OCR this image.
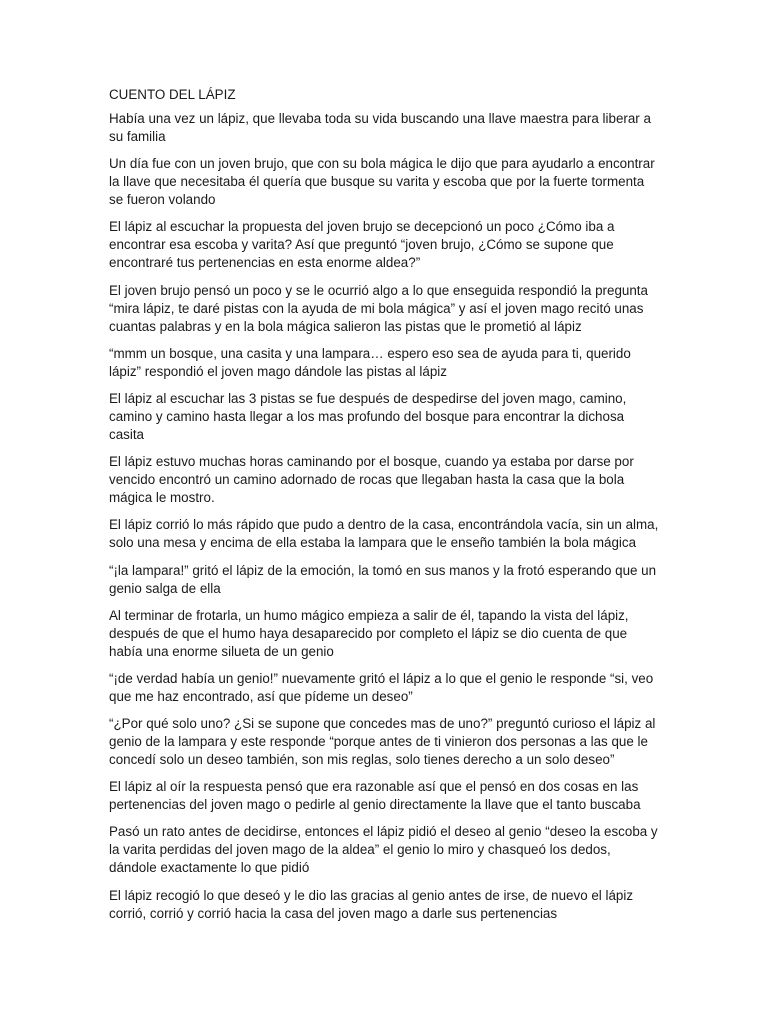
CUENTO DEL LÁPIZ

Había una vez un lápiz, que llevaba toda su vida buscando una llave maestra para liberar a su familia

Un día fue con un joven brujo, que con su bola mágica le dijo que para ayudarlo a encontrar la llave que necesitaba él quería que busque su varita y escoba que por la fuerte tormenta se fueron volando

El lápiz al escuchar la propuesta del joven brujo se decepcionó un poco ¿Cómo iba a encontrar esa escoba y varita? Así que preguntó “joven brujo, ¿Cómo se supone que encontraré tus pertenencias en esta enorme aldea?”

El joven brujo pensó un poco y se le ocurrió algo a lo que enseguida respondió la pregunta “mira lápiz, te daré pistas con la ayuda de mi bola mágica” y así el joven mago recitó unas cuantas palabras y en la bola mágica salieron las pistas que le prometió al lápiz

“mmm un bosque, una casita y una lampara… espero eso sea de ayuda para ti, querido lápiz” respondió el joven mago dándole las pistas al lápiz

El lápiz al escuchar las 3 pistas se fue después de despedirse del joven mago, camino, camino y camino hasta llegar a los mas profundo del bosque para encontrar la dichosa casita

El lápiz estuvo muchas horas caminando por el bosque, cuando ya estaba por darse por vencido encontró un camino adornado de rocas que llegaban hasta la casa que la bola mágica le mostro.

El lápiz corrió lo más rápido que pudo a dentro de la casa, encontrándola vacía, sin un alma, solo una mesa y encima de ella estaba la lampara que le enseño también la bola mágica

“¡la lampara!” gritó el lápiz de la emoción, la tomó en sus manos y la frotó esperando que un genio salga de ella

Al terminar de frotarla, un humo mágico empieza a salir de él, tapando la vista del lápiz, después de que el humo haya desaparecido por completo el lápiz se dio cuenta de que había una enorme silueta de un genio

“¡de verdad había un genio!” nuevamente gritó el lápiz a lo que el genio le responde “si, veo que me haz encontrado, así que pídeme un deseo”

“¿Por qué solo uno? ¿Si se supone que concedes mas de uno?” preguntó curioso el lápiz al genio de la lampara y este responde “porque antes de ti vinieron dos personas a las que le concedí solo un deseo también, son mis reglas, solo tienes derecho a un solo deseo”

El lápiz al oír la respuesta pensó que era razonable así que el pensó en dos cosas en las pertenencias del joven mago o pedirle al genio directamente la llave que el tanto buscaba

Pasó un rato antes de decidirse, entonces el lápiz pidió el deseo al genio “deseo la escoba y la varita perdidas del joven mago de la aldea” el genio lo miro y chasqueó los dedos, dándole exactamente lo que pidió

El lápiz recogió lo que deseó y le dio las gracias al genio antes de irse, de nuevo el lápiz corrió, corrió y corrió hacia la casa del joven mago a darle sus pertenencias
